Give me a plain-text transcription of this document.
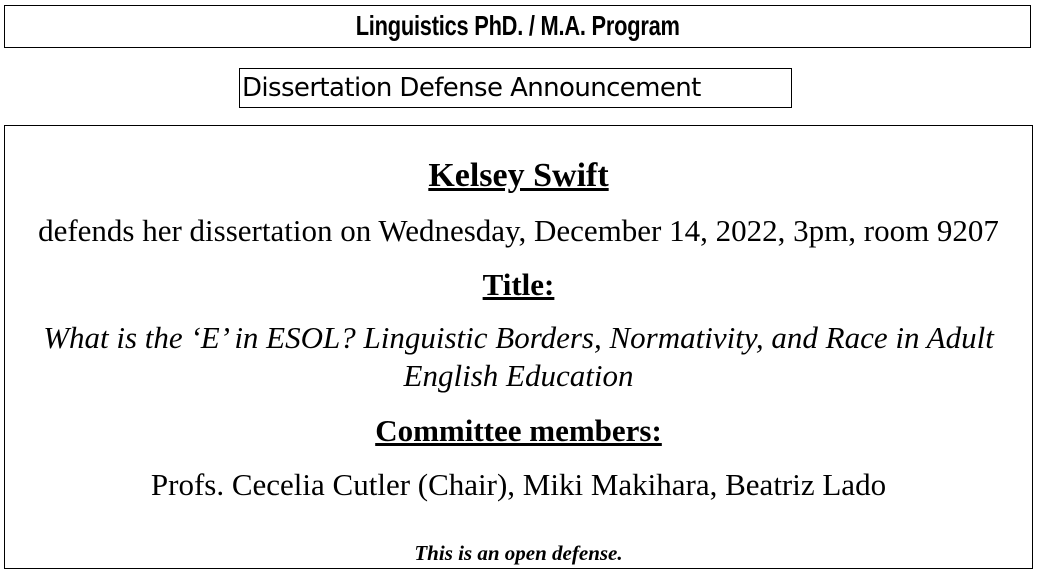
Linguistics PhD. / M.A. Program
Dissertation Defense Announcement
Kelsey Swift
defends her dissertation on Wednesday, December 14, 2022, 3pm, room 9207
Title:
What is the ‘E’ in ESOL? Linguistic Borders, Normativity, and Race in Adult English Education
Committee members:
Profs. Cecelia Cutler (Chair), Miki Makihara, Beatriz Lado
This is an open defense.
